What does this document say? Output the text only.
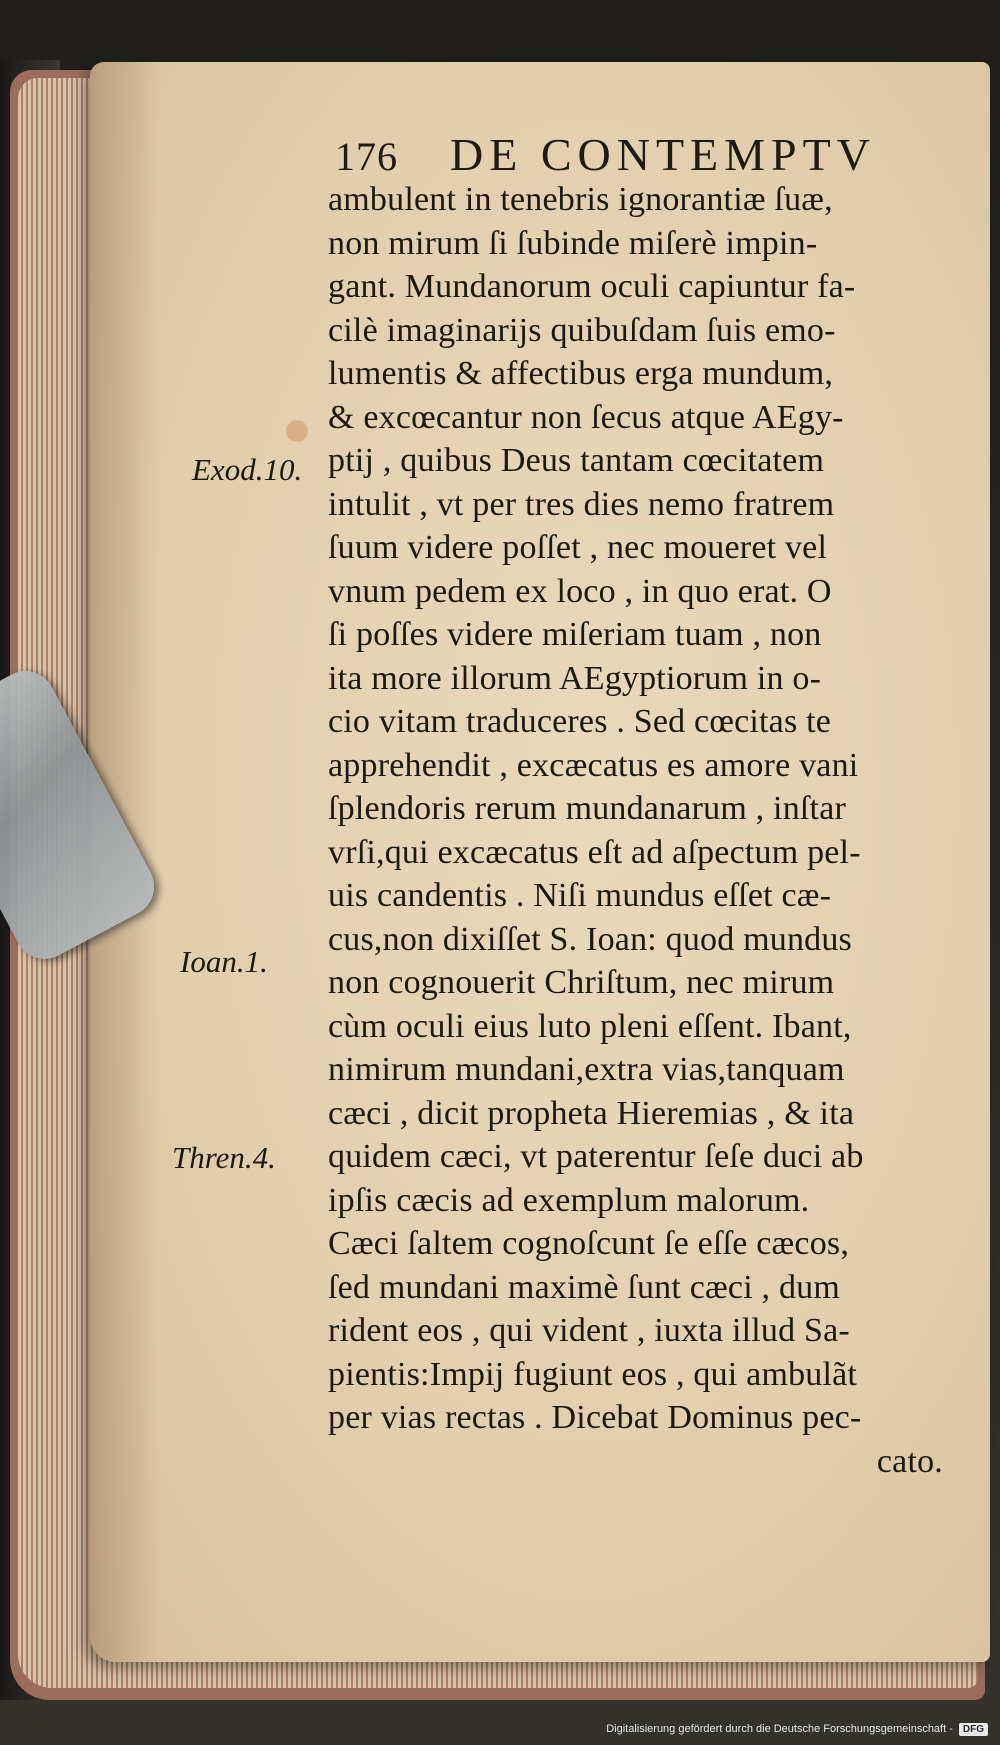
176 DE CONTEMPTV
ambulent in tenebris ignorantiæ ſuæ,
non mirum ſi ſubinde miſerè impin-
gant. Mundanorum oculi capiuntur fa-
cilè imaginarijs quibuſdam ſuis emo-
lumentis & affectibus erga mundum,
& excœcantur non ſecus atque AEgy-
ptij , quibus Deus tantam cœcitatem
intulit , vt per tres dies nemo fratrem
ſuum videre poſſet , nec moueret vel
vnum pedem ex loco , in quo erat. O
ſi poſſes videre miſeriam tuam , non
ita more illorum AEgyptiorum in o-
cio vitam traduceres . Sed cœcitas te
apprehendit , excæcatus es amore vani
ſplendoris rerum mundanarum , inſtar
vrſi,qui excæcatus eſt ad aſpectum pel-
uis candentis . Niſi mundus eſſet cæ-
cus,non dixiſſet S. Ioan: quod mundus
non cognouerit Chriſtum, nec mirum
cùm oculi eius luto pleni eſſent. Ibant,
nimirum mundani,extra vias,tanquam
cæci , dicit propheta Hieremias , & ita
quidem cæci, vt paterentur ſeſe duci ab
ipſis cæcis ad exemplum malorum.
Cæci ſaltem cognoſcunt ſe eſſe cæcos,
ſed mundani maximè ſunt cæci , dum
rident eos , qui vident , iuxta illud Sa-
pientis:Impij fugiunt eos , qui ambulãt
per vias rectas . Dicebat Dominus pec-
cato.
Exod.10.
Ioan.1.
Thren.4.
Digitalisierung gefördert durch die Deutsche Forschungsgemeinschaft -	DFG
